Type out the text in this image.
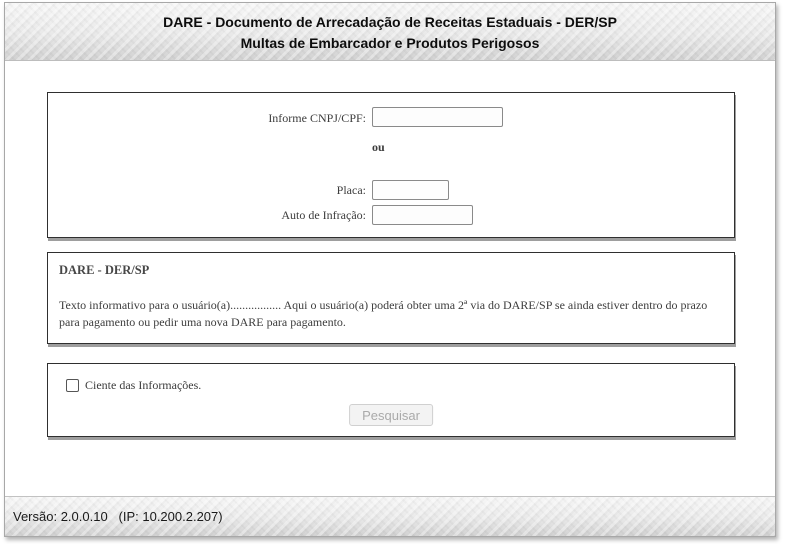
DARE - Documento de Arrecadação de Receitas Estaduais - DER/SP
Multas de Embarcador e Produtos Perigosos
Informe CNPJ/CPF:
ou
Placa:
Auto de Infração:
DARE - DER/SP
Texto informativo para o usuário(a)................. Aqui o usuário(a) poderá obter uma 2ª via do DARE/SP se ainda estiver dentro do prazo para pagamento ou pedir uma nova DARE para pagamento.
Ciente das Informações.
Pesquisar
Versão: 2.0.0.10   (IP: 10.200.2.207)
